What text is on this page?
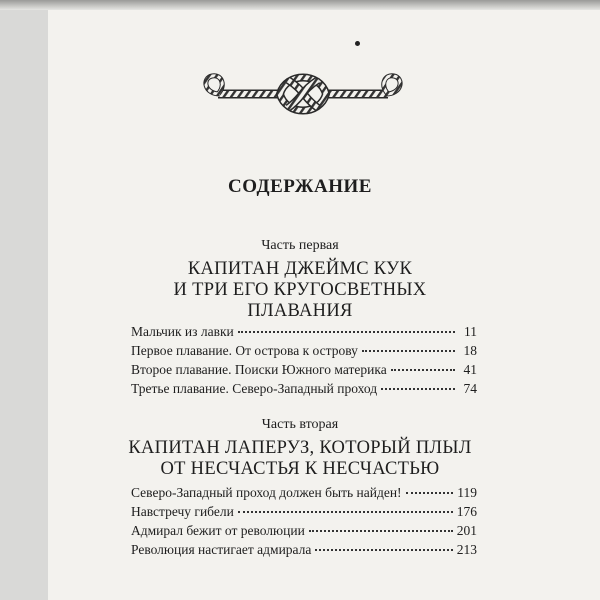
СОДЕРЖАНИЕ
Часть первая
КАПИТАН ДЖЕЙМС КУК
И ТРИ ЕГО КРУГОСВЕТНЫХ
ПЛАВАНИЯ
Мальчик из лавки	11
Первое плавание. От острова к острову	18
Второе плавание. Поиски Южного материка	41
Третье плавание. Северо-Западный проход	74
Часть вторая
КАПИТАН ЛАПЕРУЗ, КОТОРЫЙ ПЛЫЛ
ОТ НЕСЧАСТЬЯ К НЕСЧАСТЬЮ
Северо-Западный проход должен быть найден!	119
Навстречу гибели	176
Адмирал бежит от революции	201
Революция настигает адмирала	213
